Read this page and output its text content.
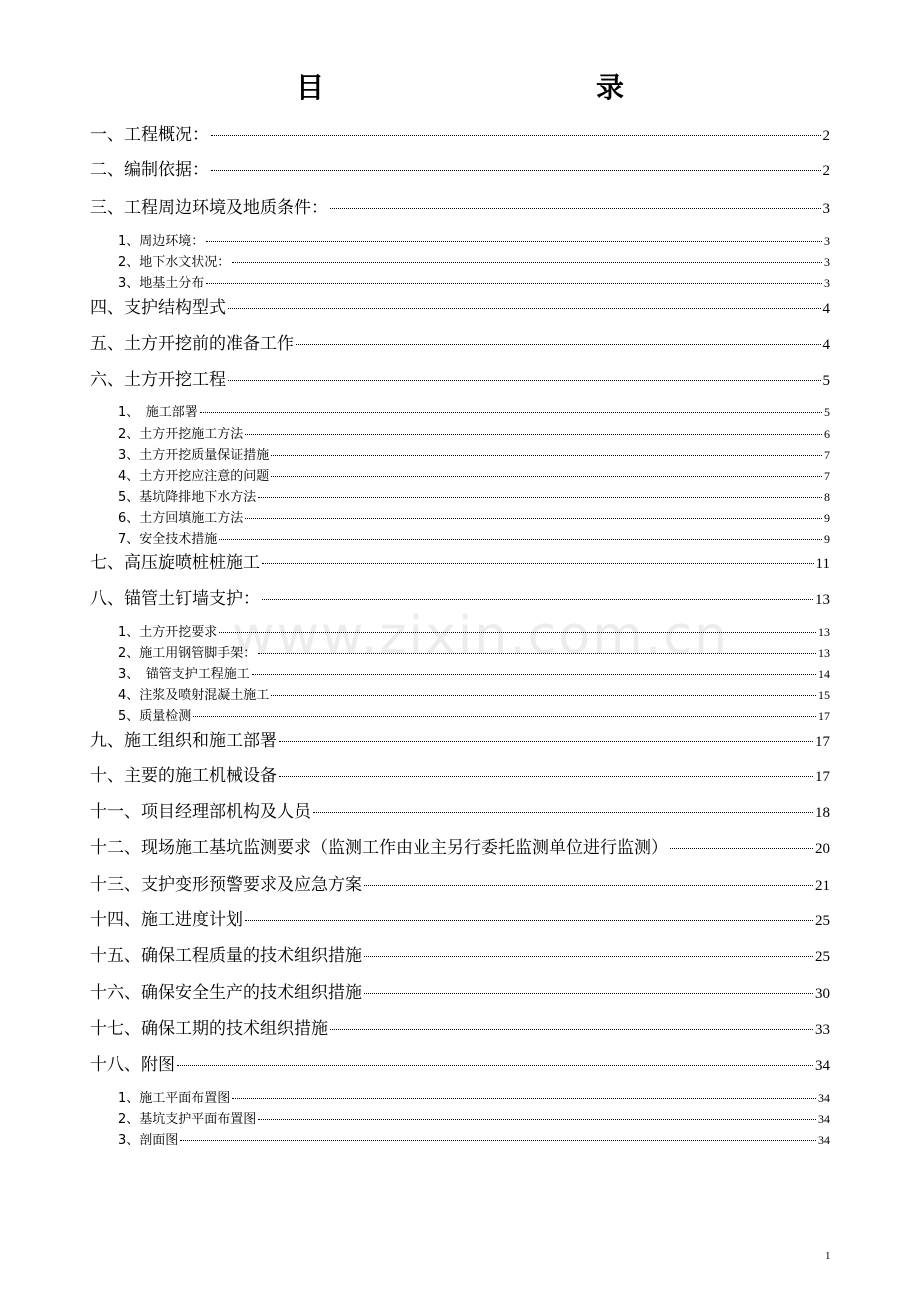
目　　录
www.zixin.com.cn
一、工程概况：	2
二、编制依据：	2
三、工程周边环境及地质条件：	3
1、周边环境：	3
2、地下水文状况：	3
3、地基土分布	3
四、支护结构型式	4
五、土方开挖前的准备工作	4
六、土方开挖工程	5
1、　施工部署	5
2、土方开挖施工方法	6
3、土方开挖质量保证措施	7
4、土方开挖应注意的问题	7
5、基坑降排地下水方法	8
6、土方回填施工方法	9
7、安全技术措施	9
七、高压旋喷桩桩施工	11
八、锚管土钉墙支护：	13
1、土方开挖要求	13
2、施工用钢管脚手架：	13
3、　锚管支护工程施工	14
4、注浆及喷射混凝土施工	15
5、质量检测	17
九、施工组织和施工部署	17
十、主要的施工机械设备	17
十一、项目经理部机构及人员	18
十二、现场施工基坑监测要求（监测工作由业主另行委托监测单位进行监测）	20
十三、支护变形预警要求及应急方案	21
十四、施工进度计划	25
十五、确保工程质量的技术组织措施	25
十六、确保安全生产的技术组织措施	30
十七、确保工期的技术组织措施	33
十八、附图	34
1、施工平面布置图	34
2、基坑支护平面布置图	34
3、剖面图	34
1
